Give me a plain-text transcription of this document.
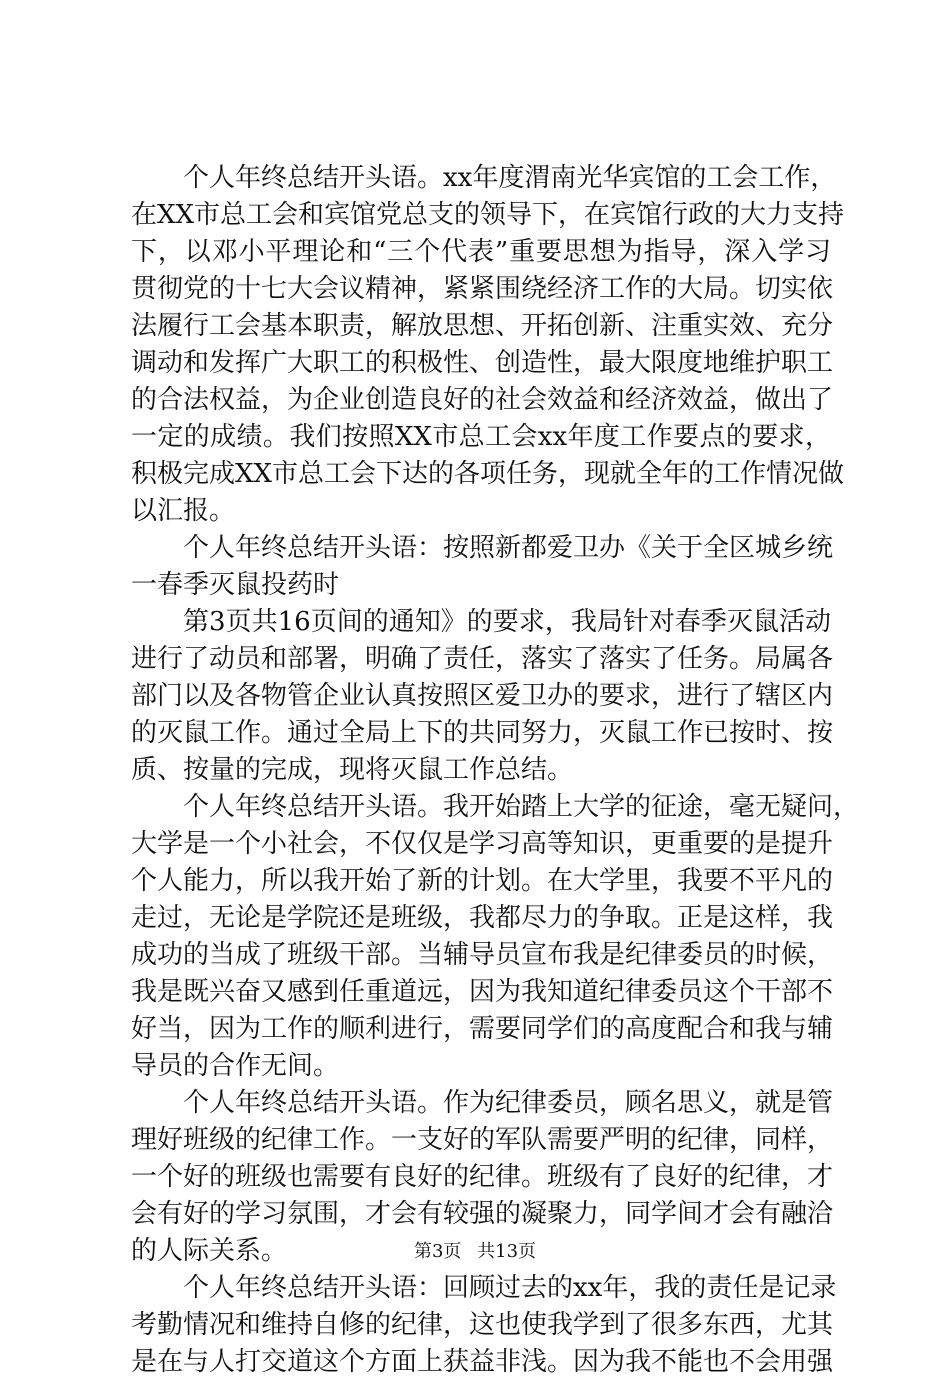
个人年终总结开头语。xx年度渭南光华宾馆的工会工作，
在XX市总工会和宾馆党总支的领导下，在宾馆行政的大力支持
下，以邓小平理论和“三个代表”重要思想为指导，深入学习
贯彻党的十七大会议精神，紧紧围绕经济工作的大局。切实依
法履行工会基本职责，解放思想、开拓创新、注重实效、充分
调动和发挥广大职工的积极性、创造性，最大限度地维护职工
的合法权益，为企业创造良好的社会效益和经济效益，做出了
一定的成绩。我们按照XX市总工会xx年度工作要点的要求，
积极完成XX市总工会下达的各项任务，现就全年的工作情况做
以汇报。
个人年终总结开头语：按照新都爱卫办《关于全区城乡统
一春季灭鼠投药时
第3页共16页间的通知》的要求，我局针对春季灭鼠活动
进行了动员和部署，明确了责任，落实了落实了任务。局属各
部门以及各物管企业认真按照区爱卫办的要求，进行了辖区内
的灭鼠工作。通过全局上下的共同努力，灭鼠工作已按时、按
质、按量的完成，现将灭鼠工作总结。
个人年终总结开头语。我开始踏上大学的征途，毫无疑问，
大学是一个小社会，不仅仅是学习高等知识，更重要的是提升
个人能力，所以我开始了新的计划。在大学里，我要不平凡的
走过，无论是学院还是班级，我都尽力的争取。正是这样，我
成功的当成了班级干部。当辅导员宣布我是纪律委员的时候，
我是既兴奋又感到任重道远，因为我知道纪律委员这个干部不
好当，因为工作的顺利进行，需要同学们的高度配合和我与辅
导员的合作无间。
个人年终总结开头语。作为纪律委员，顾名思义，就是管
理好班级的纪律工作。一支好的军队需要严明的纪律，同样，
一个好的班级也需要有良好的纪律。班级有了良好的纪律，才
会有好的学习氛围，才会有较强的凝聚力，同学间才会有融洽
的人际关系。
个人年终总结开头语：回顾过去的xx年，我的责任是记录
考勤情况和维持自修的纪律，这也使我学到了很多东西，尤其
是在与人打交道这个方面上获益非浅。因为我不能也不会用强
第3页 共13页
